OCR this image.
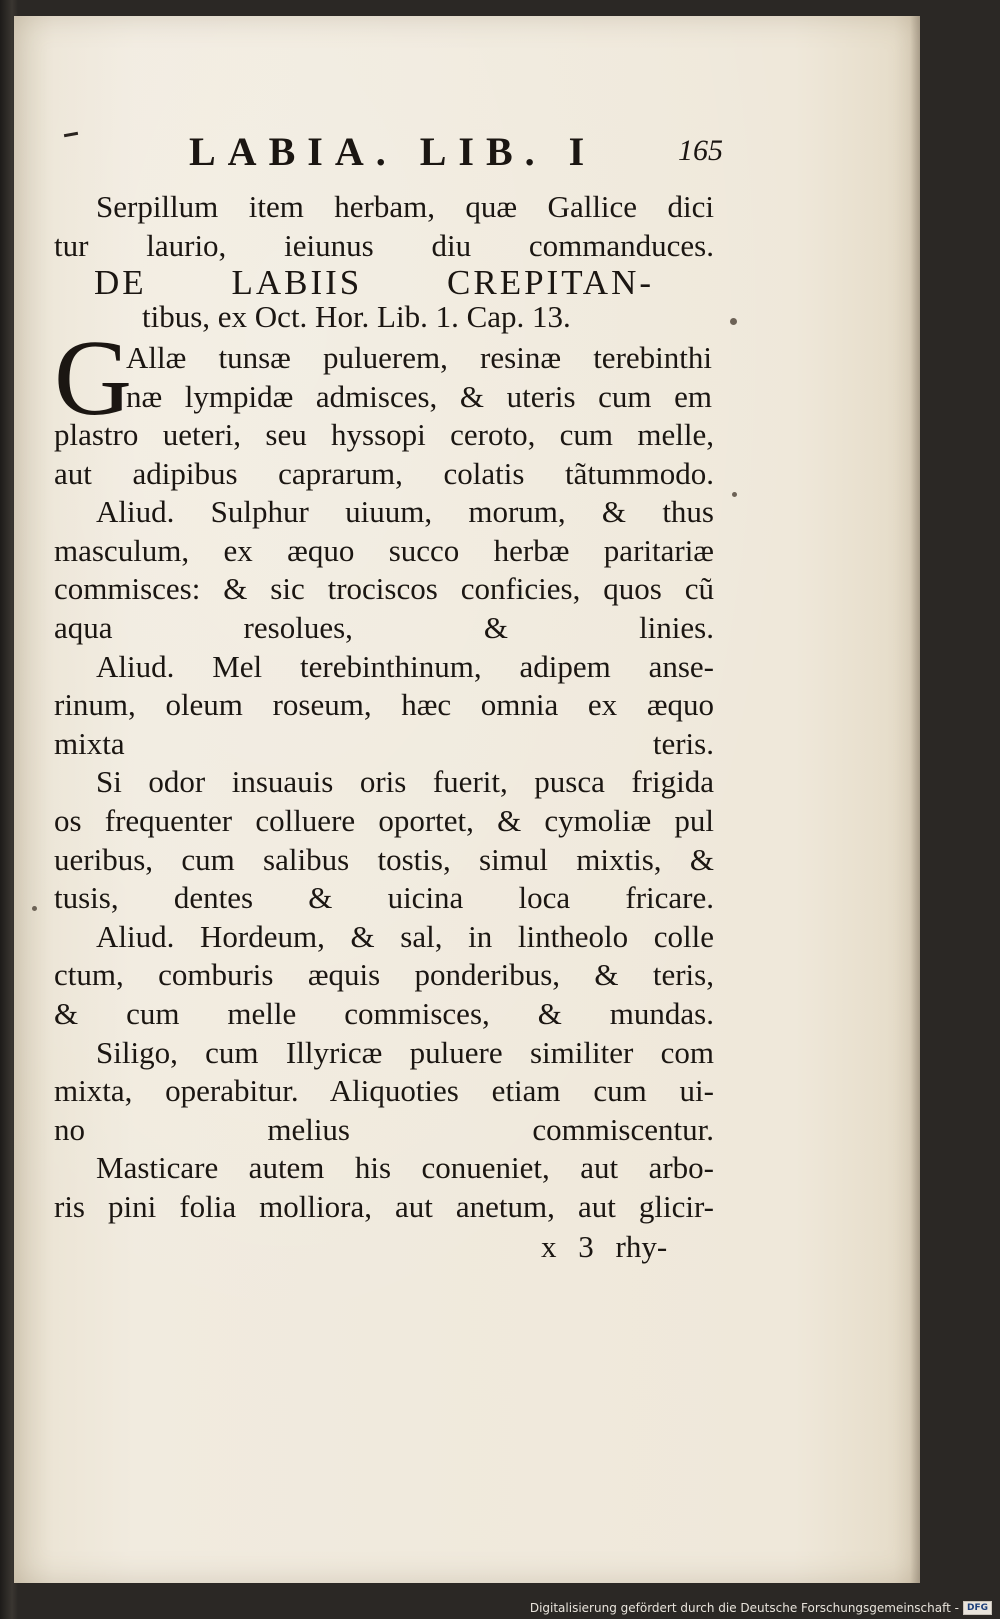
LABIA. LIB. I	165
Serpillum item herbam, quæ Gallice dici
tur laurio, ieiunus diu commanduces.
DE LABIIS CREPITAN-
tibus, ex Oct. Hor. Lib. 1. Cap. 13.
G
Allæ tunsæ puluerem, resinæ terebinthi
næ lympidæ admisces, & uteris cum em
plastro ueteri, seu hyssopi ceroto, cum melle,
aut adipibus caprarum, colatis tãtummodo.
Aliud. Sulphur uiuum, morum, & thus
masculum, ex æquo succo herbæ paritariæ
commisces: & sic trociscos conficies, quos cũ
aqua resolues, & linies.
Aliud. Mel terebinthinum, adipem anse-
rinum, oleum roseum, hæc omnia ex æquo
mixta teris.
Si odor insuauis oris fuerit, pusca frigida
os frequenter colluere oportet, & cymoliæ pul
ueribus, cum salibus tostis, simul mixtis, &
tusis, dentes & uicina loca fricare.
Aliud. Hordeum, & sal, in lintheolo colle
ctum, comburis æquis ponderibus, & teris,
& cum melle commisces, & mundas.
Siligo, cum Illyricæ puluere similiter com
mixta, operabitur. Aliquoties etiam cum ui-
no melius commiscentur.
Masticare autem his conueniet, aut arbo-
ris pini folia molliora, aut anetum, aut glicir-
x 3 rhy-
Digitalisierung gefördert durch die Deutsche Forschungsgemeinschaft - DFG
